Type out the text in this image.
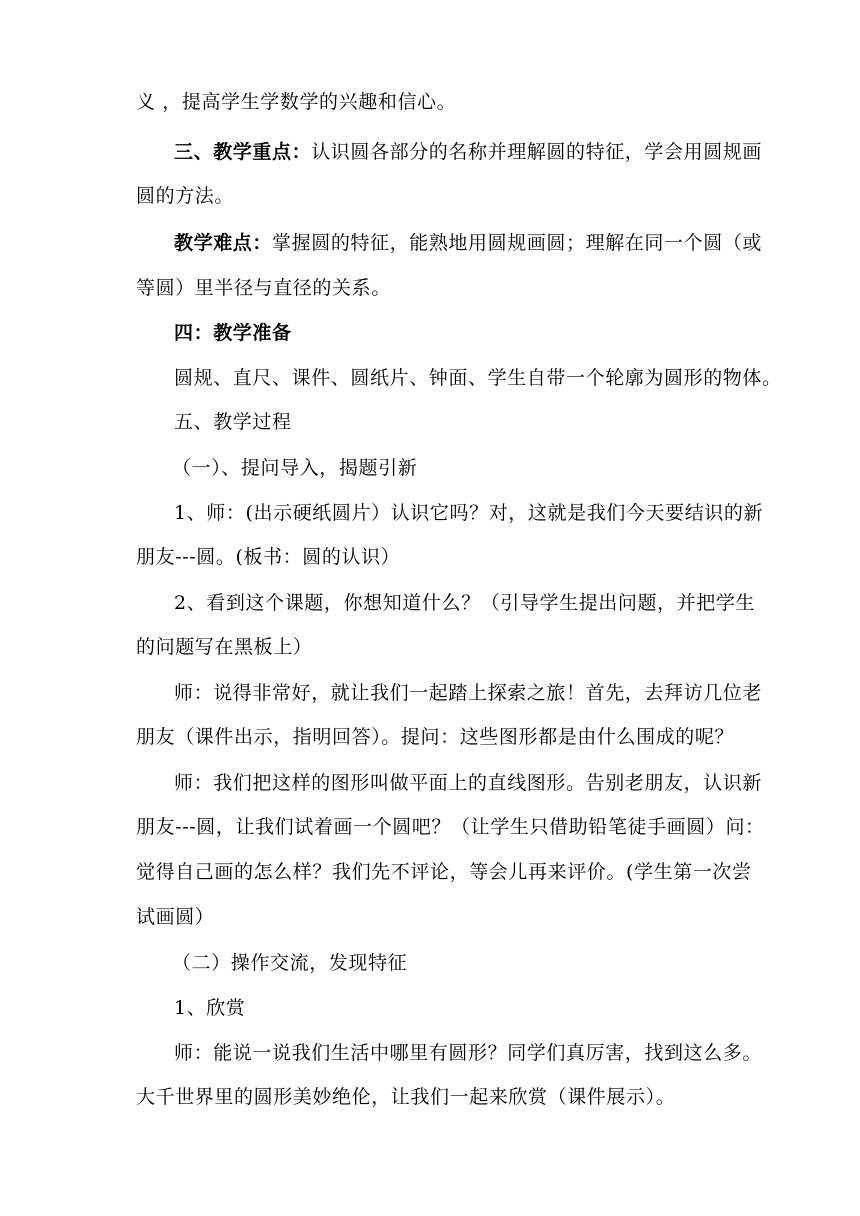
义 ，提高学生学数学的兴趣和信心。
三、教学重点：认识圆各部分的名称并理解圆的特征，学会用圆规画
圆的方法。
教学难点：掌握圆的特征，能熟地用圆规画圆；理解在同一个圆（或
等圆）里半径与直径的关系。
四：教学准备
圆规、直尺、课件、圆纸片、钟面、学生自带一个轮廓为圆形的物体。
五、教学过程
（一）、提问导入，揭题引新
1、师：(出示硬纸圆片）认识它吗？对，这就是我们今天要结识的新
朋友---圆。(板书：圆的认识）
2、看到这个课题，你想知道什么？（引导学生提出问题，并把学生
的问题写在黑板上）
师：说得非常好，就让我们一起踏上探索之旅！首先，去拜访几位老
朋友（课件出示，指明回答）。提问：这些图形都是由什么围成的呢？
师：我们把这样的图形叫做平面上的直线图形。告别老朋友，认识新
朋友---圆，让我们试着画一个圆吧？（让学生只借助铅笔徒手画圆）问：
觉得自己画的怎么样？我们先不评论，等会儿再来评价。(学生第一次尝
试画圆）
（二）操作交流，发现特征
1、欣赏
师：能说一说我们生活中哪里有圆形？同学们真厉害，找到这么多。
大千世界里的圆形美妙绝伦，让我们一起来欣赏（课件展示）。
